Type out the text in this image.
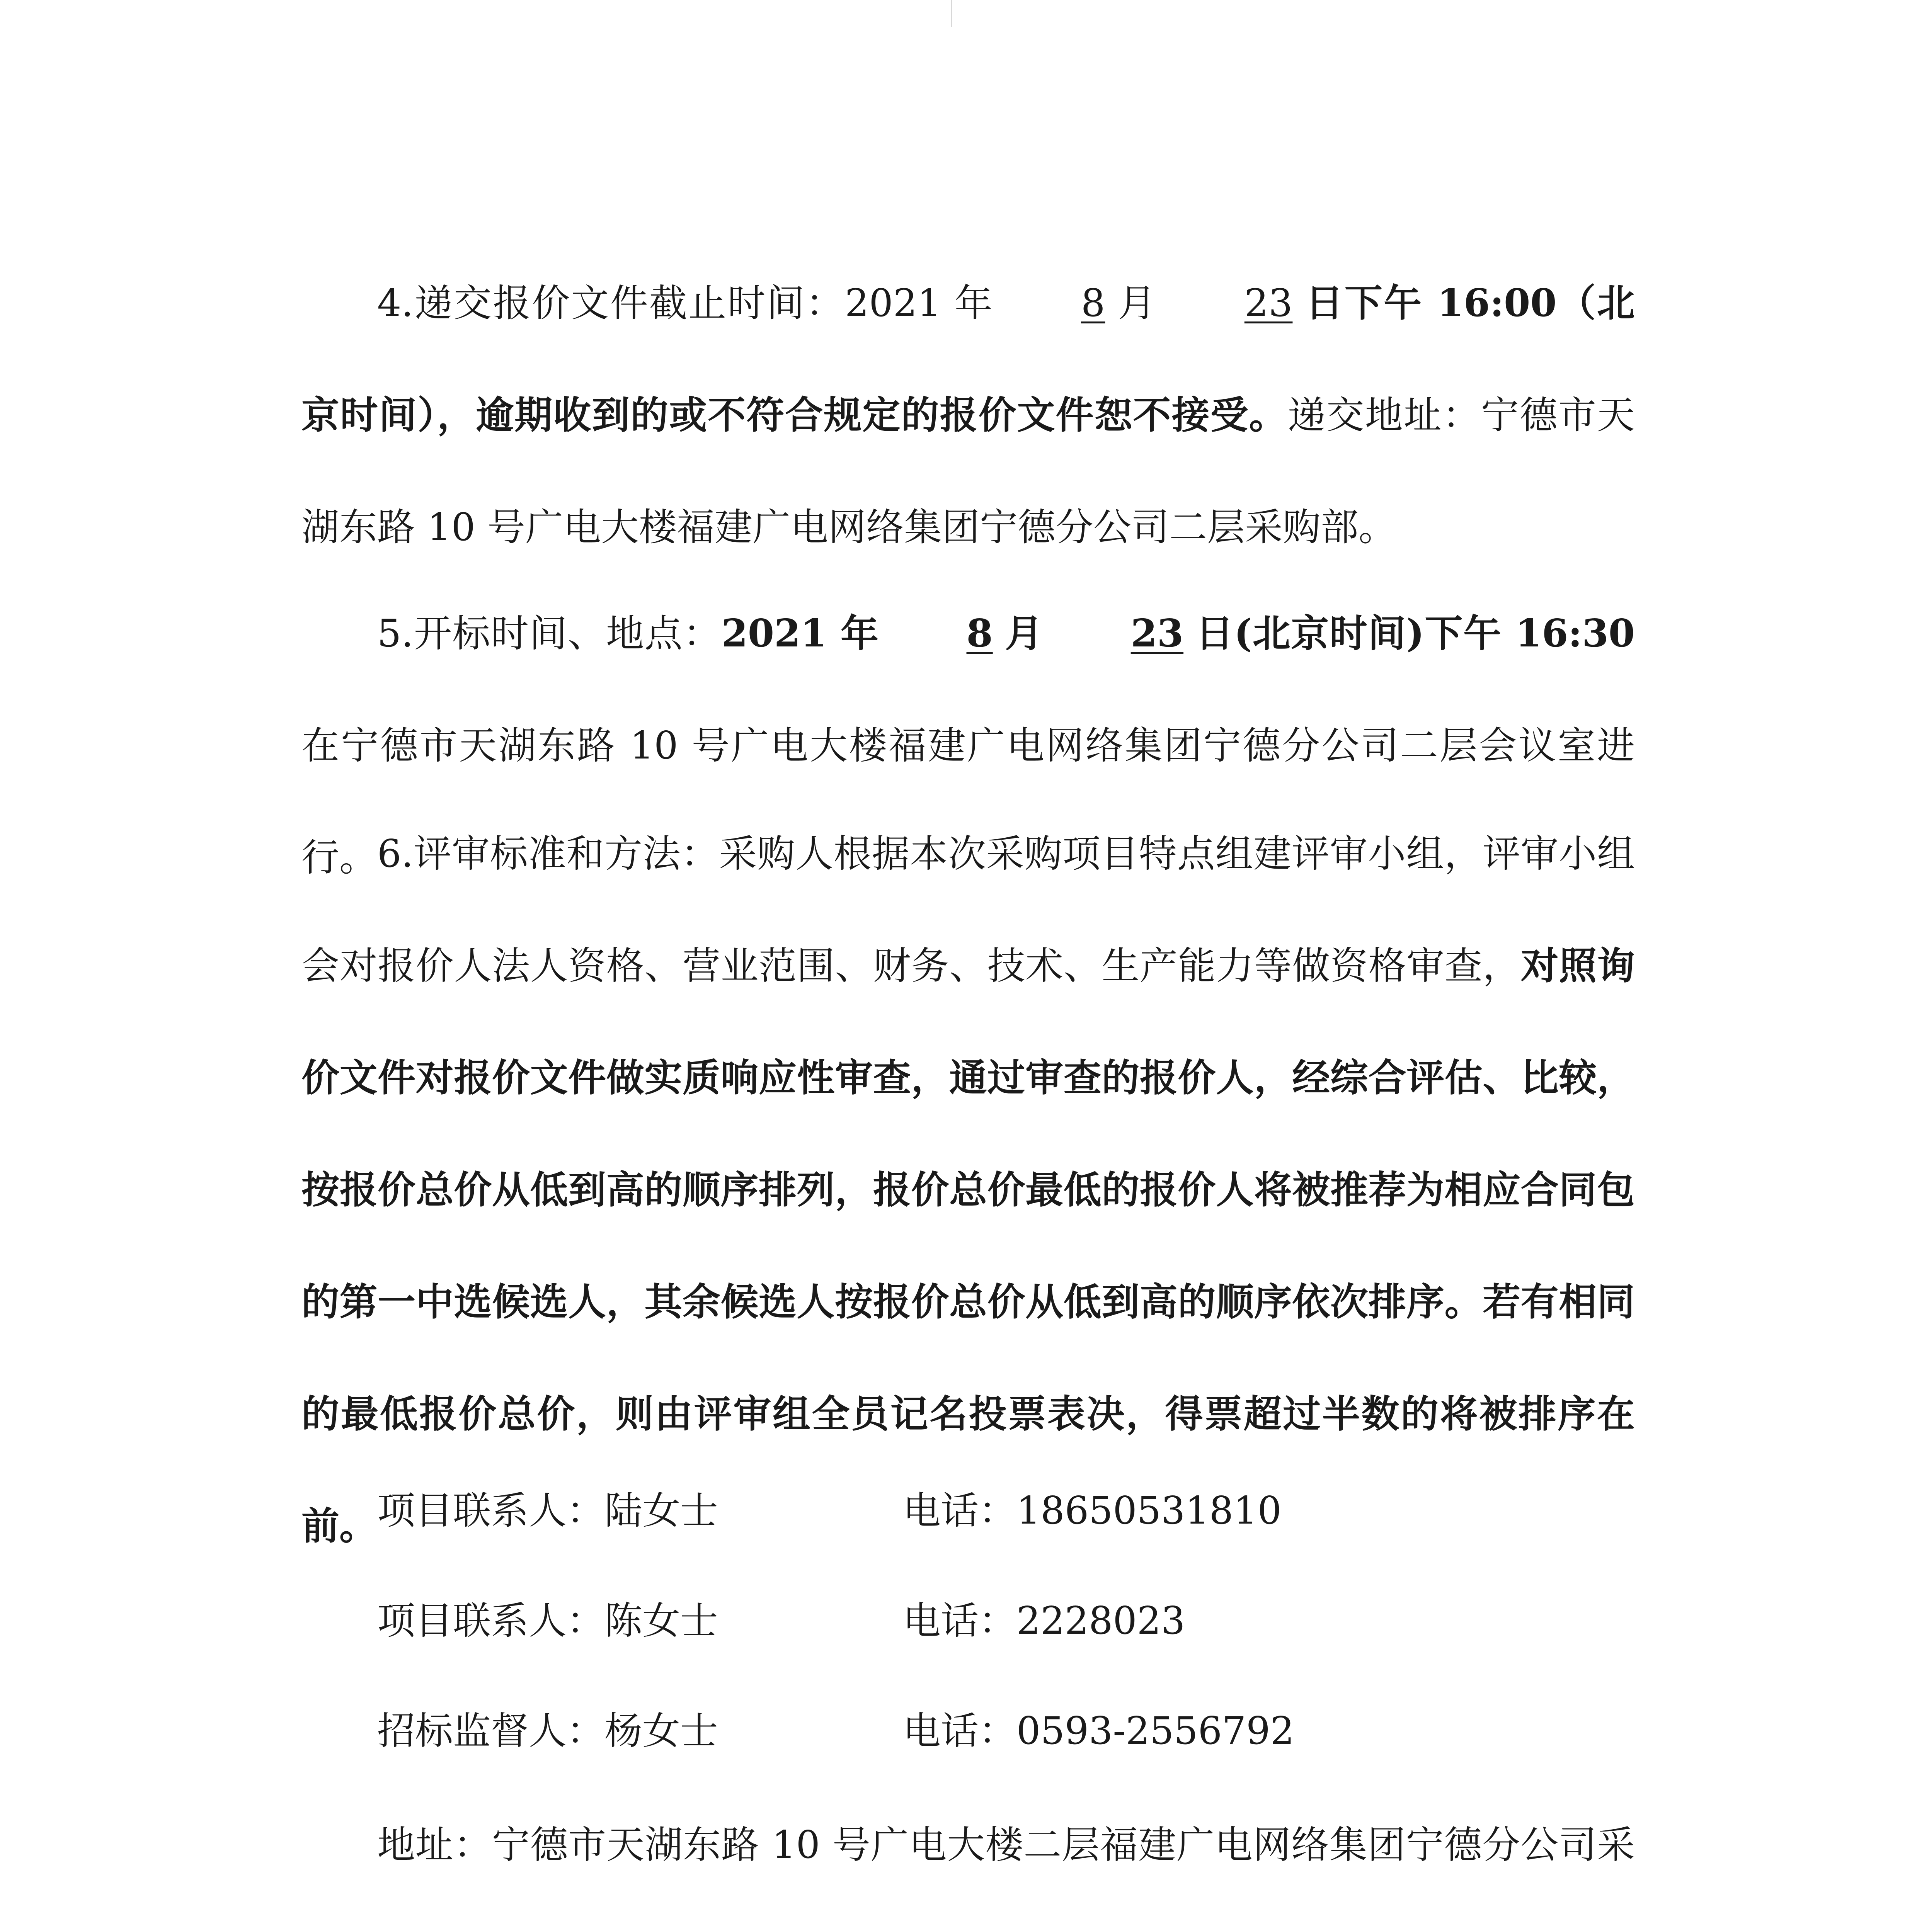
4.递交报价文件截止时间：2021 年 8 月 23 日下午 16:00（北京时间），逾期收到的或不符合规定的报价文件恕不接受。递交地址：宁德市天湖东路 10 号广电大楼福建广电网络集团宁德分公司二层采购部。

5.开标时间、地点：2021 年 8 月 23 日(北京时间)下午 16:30在宁德市天湖东路 10 号广电大楼福建广电网络集团宁德分公司二层会议室进行。 6.评审标准和方法：采购人根据本次采购项目特点组建评审小组，评审小组会对报价人法人资格、营业范围、财务、技术、生产能力等做资格审查，对照询价文件对报价文件做实质响应性审查，通过审查的报价人，经综合评估、比较，按报价总价从低到高的顺序排列，报价总价最低的报价人将被推荐为相应合同包的第一中选候选人，其余候选人按报价总价从低到高的顺序依次排序。若有相同的最低报价总价，则由评审组全员记名投票表决，得票超过半数的将被排序在前。 项目联系人：陆女士	电话：18650531810
项目联系人：陈女士	电话：2228023
招标监督人：杨女士	电话：0593-2556792

地址：宁德市天湖东路 10 号广电大楼二层福建广电网络集团宁德分公司采
